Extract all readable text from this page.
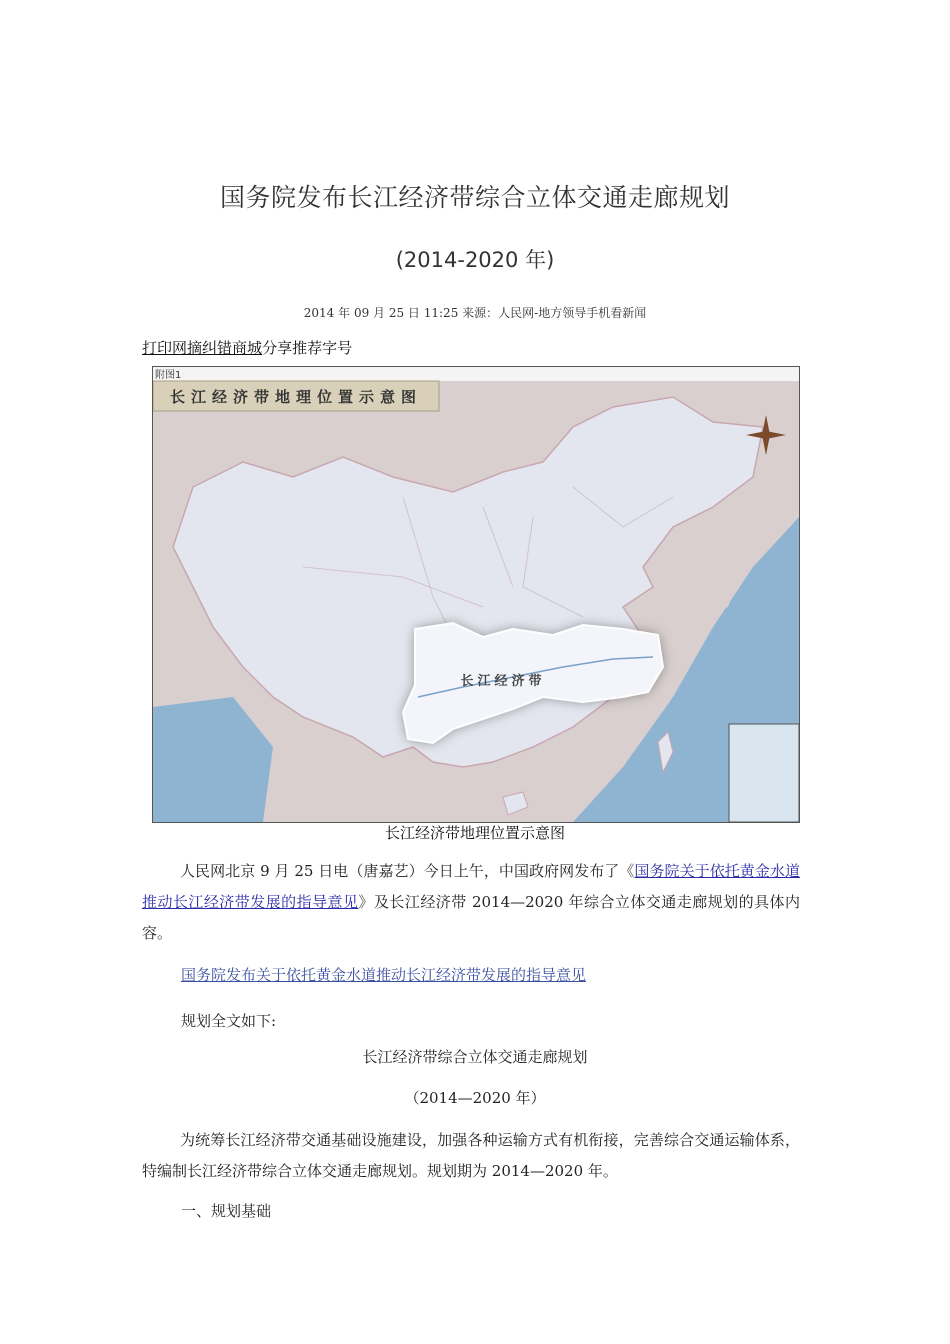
国务院发布长江经济带综合立体交通走廊规划
(2014-2020 年)
2014 年 09 月 25 日 11:25 来源：人民网-地方领导手机看新闻
打印网摘纠错商城分享推荐字号
附图1
长江经济带地理位置示意图
长江经济带
长江经济带地理位置示意图
人民网北京 9 月 25 日电（唐嘉艺）今日上午，中国政府网发布了《国务院关于依托黄金水道推动长江经济带发展的指导意见》及长江经济带 2014—2020 年综合立体交通走廊规划的具体内容。
国务院发布关于依托黄金水道推动长江经济带发展的指导意见
规划全文如下:
长江经济带综合立体交通走廊规划
（2014—2020 年）
为统筹长江经济带交通基础设施建设，加强各种运输方式有机衔接，完善综合交通运输体系，特编制长江经济带综合立体交通走廊规划。规划期为 2014—2020 年。
一、规划基础
